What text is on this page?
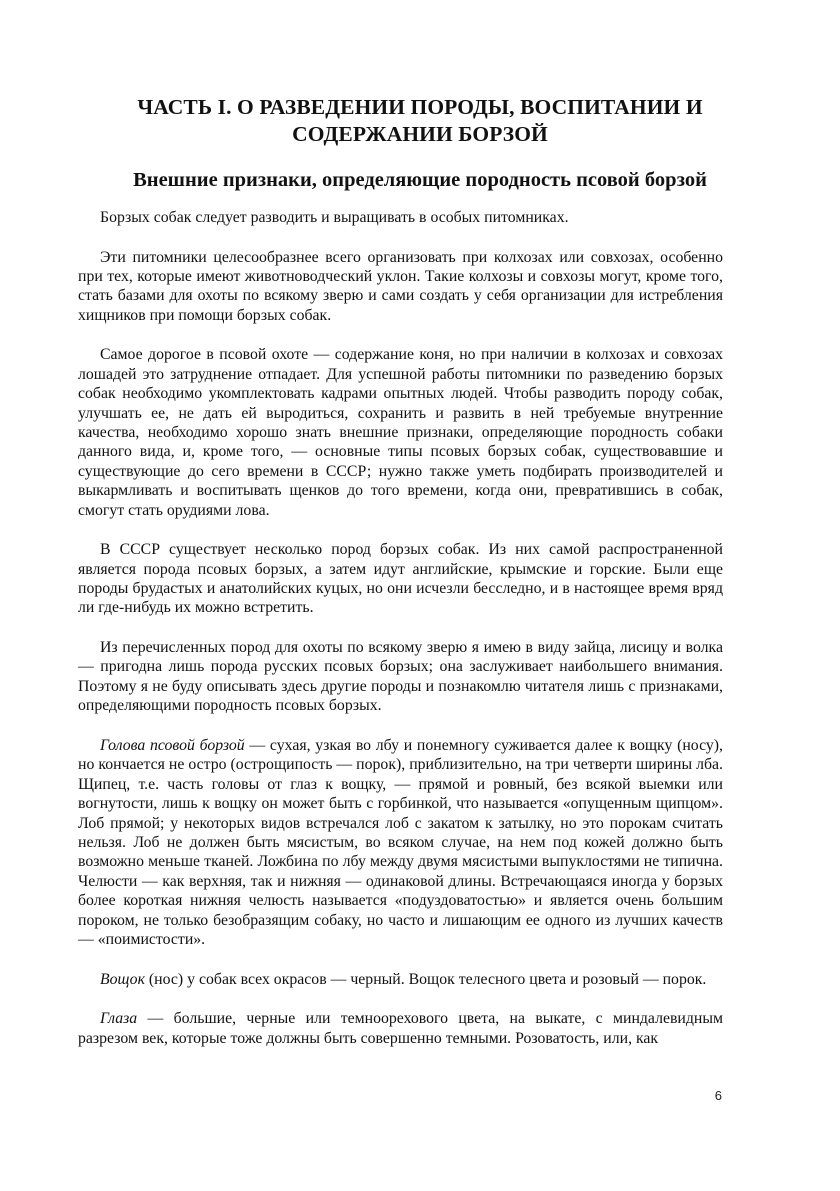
ЧАСТЬ I. О РАЗВЕДЕНИИ ПОРОДЫ, ВОСПИТАНИИ И
СОДЕРЖАНИИ БОРЗОЙ
Внешние признаки, определяющие породность псовой борзой

Борзых собак следует разводить и выращивать в особых питомниках.

Эти питомники целесообразнее всего организовать при колхозах или совхозах, особенно при тех, которые имеют животноводческий уклон. Такие колхозы и совхозы могут, кроме того, стать базами для охоты по всякому зверю и сами создать у себя организации для истребления хищников при помощи борзых собак.

Самое дорогое в псовой охоте — содержание коня, но при наличии в колхозах и совхозах лошадей это затруднение отпадает. Для успешной работы питомники по разведению борзых собак необходимо укомплектовать кадрами опытных людей. Чтобы разводить породу собак, улучшать ее, не дать ей выродиться, сохранить и развить в ней требуемые внутренние качества, необходимо хорошо знать внешние признаки, определяющие породность собаки данного вида, и, кроме того, — основные типы псовых борзых собак, существовавшие и существующие до сего времени в СССР; нужно также уметь подбирать производителей и выкармливать и воспитывать щенков до того времени, когда они, превратившись в собак, смогут стать орудиями лова.

В СССР существует несколько пород борзых собак. Из них самой распространенной является порода псовых борзых, а затем идут английские, крымские и горские. Были еще породы брудастых и анатолийских куцых, но они исчезли бесследно, и в настоящее время вряд ли где-нибудь их можно встретить.

Из перечисленных пород для охоты по всякому зверю я имею в виду зайца, лисицу и волка — пригодна лишь порода русских псовых борзых; она заслуживает наибольшего внимания. Поэтому я не буду описывать здесь другие породы и познакомлю читателя лишь с признаками, определяющими породность псовых борзых.

Голова псовой борзой — сухая, узкая во лбу и понемногу суживается далее к вощку (носу), но кончается не остро (острощипость — порок), приблизительно, на три четверти ширины лба. Щипец, т.е. часть головы от глаз к вощку, — прямой и ровный, без всякой выемки или вогнутости, лишь к вощку он может быть с горбинкой, что называется «опущенным щипцом». Лоб прямой; у некоторых видов встречался лоб с закатом к затылку, но это порокам считать нельзя. Лоб не должен быть мясистым, во всяком случае, на нем под кожей должно быть возможно меньше тканей. Ложбина по лбу между двумя мясистыми выпуклостями не типична. Челюсти — как верхняя, так и нижняя — одинаковой длины. Встречающаяся иногда у борзых более короткая нижняя челюсть называется «подуздоватостью» и является очень большим пороком, не только безобразящим собаку, но часто и лишающим ее одного из лучших качеств — «поимистости».

Вощок (нос) у собак всех окрасов — черный. Вощок телесного цвета и розовый — порок.

Глаза — большие, черные или темноорехового цвета, на выкате, с миндалевидным разрезом век, которые тоже должны быть совершенно темными. Розоватость, или, как

6
